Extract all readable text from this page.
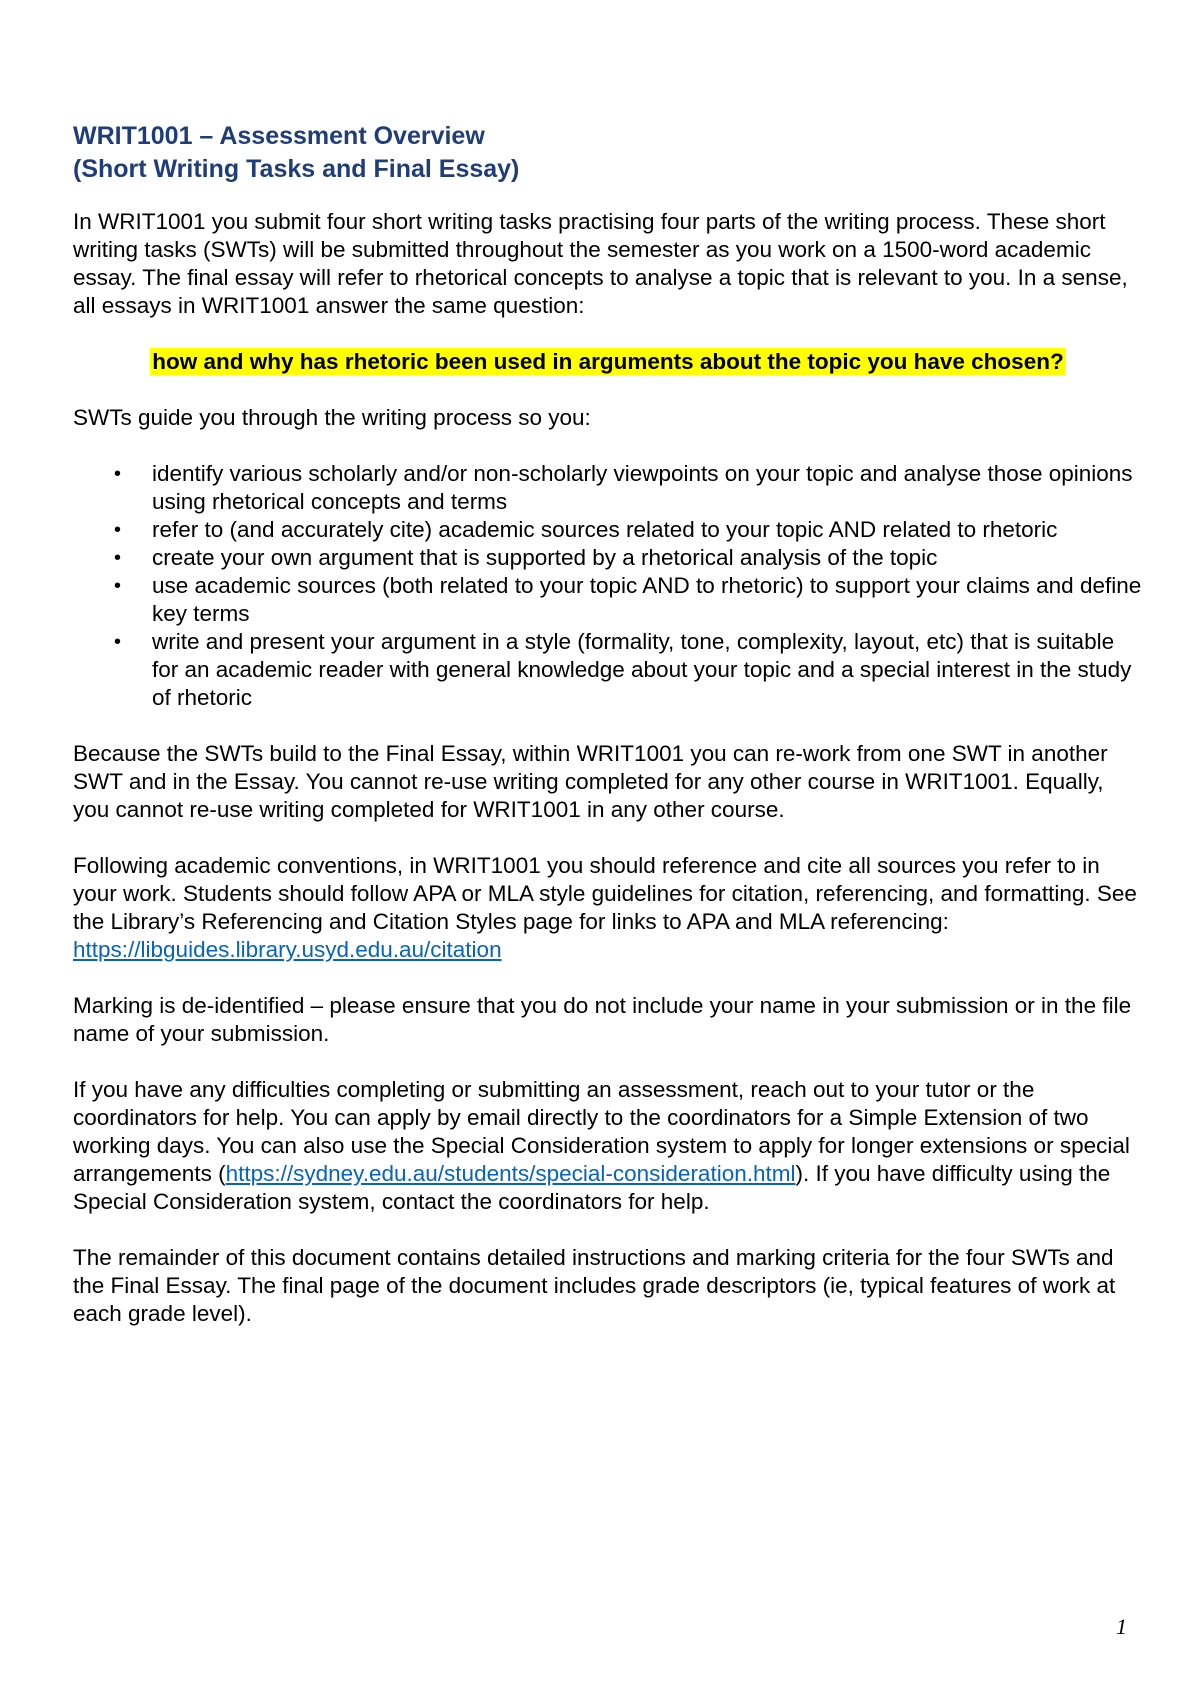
WRIT1001 – Assessment Overview
(Short Writing Tasks and Final Essay)

In WRIT1001 you submit four short writing tasks practising four parts of the writing process. These short writing tasks (SWTs) will be submitted throughout the semester as you work on a 1500-word academic essay. The final essay will refer to rhetorical concepts to analyse a topic that is relevant to you. In a sense, all essays in WRIT1001 answer the same question:

how and why has rhetoric been used in arguments about the topic you have chosen?

SWTs guide you through the writing process so you:

• identify various scholarly and/or non-scholarly viewpoints on your topic and analyse those opinions using rhetorical concepts and terms
• refer to (and accurately cite) academic sources related to your topic AND related to rhetoric
• create your own argument that is supported by a rhetorical analysis of the topic
• use academic sources (both related to your topic AND to rhetoric) to support your claims and define key terms
• write and present your argument in a style (formality, tone, complexity, layout, etc) that is suitable for an academic reader with general knowledge about your topic and a special interest in the study of rhetoric

Because the SWTs build to the Final Essay, within WRIT1001 you can re-work from one SWT in another SWT and in the Essay. You cannot re-use writing completed for any other course in WRIT1001. Equally, you cannot re-use writing completed for WRIT1001 in any other course.

Following academic conventions, in WRIT1001 you should reference and cite all sources you refer to in your work. Students should follow APA or MLA style guidelines for citation, referencing, and formatting. See the Library’s Referencing and Citation Styles page for links to APA and MLA referencing: https://libguides.library.usyd.edu.au/citation

Marking is de-identified – please ensure that you do not include your name in your submission or in the file name of your submission.

If you have any difficulties completing or submitting an assessment, reach out to your tutor or the coordinators for help. You can apply by email directly to the coordinators for a Simple Extension of two working days. You can also use the Special Consideration system to apply for longer extensions or special arrangements (https://sydney.edu.au/students/special-consideration.html). If you have difficulty using the Special Consideration system, contact the coordinators for help.

The remainder of this document contains detailed instructions and marking criteria for the four SWTs and the Final Essay. The final page of the document includes grade descriptors (ie, typical features of work at each grade level).

1
